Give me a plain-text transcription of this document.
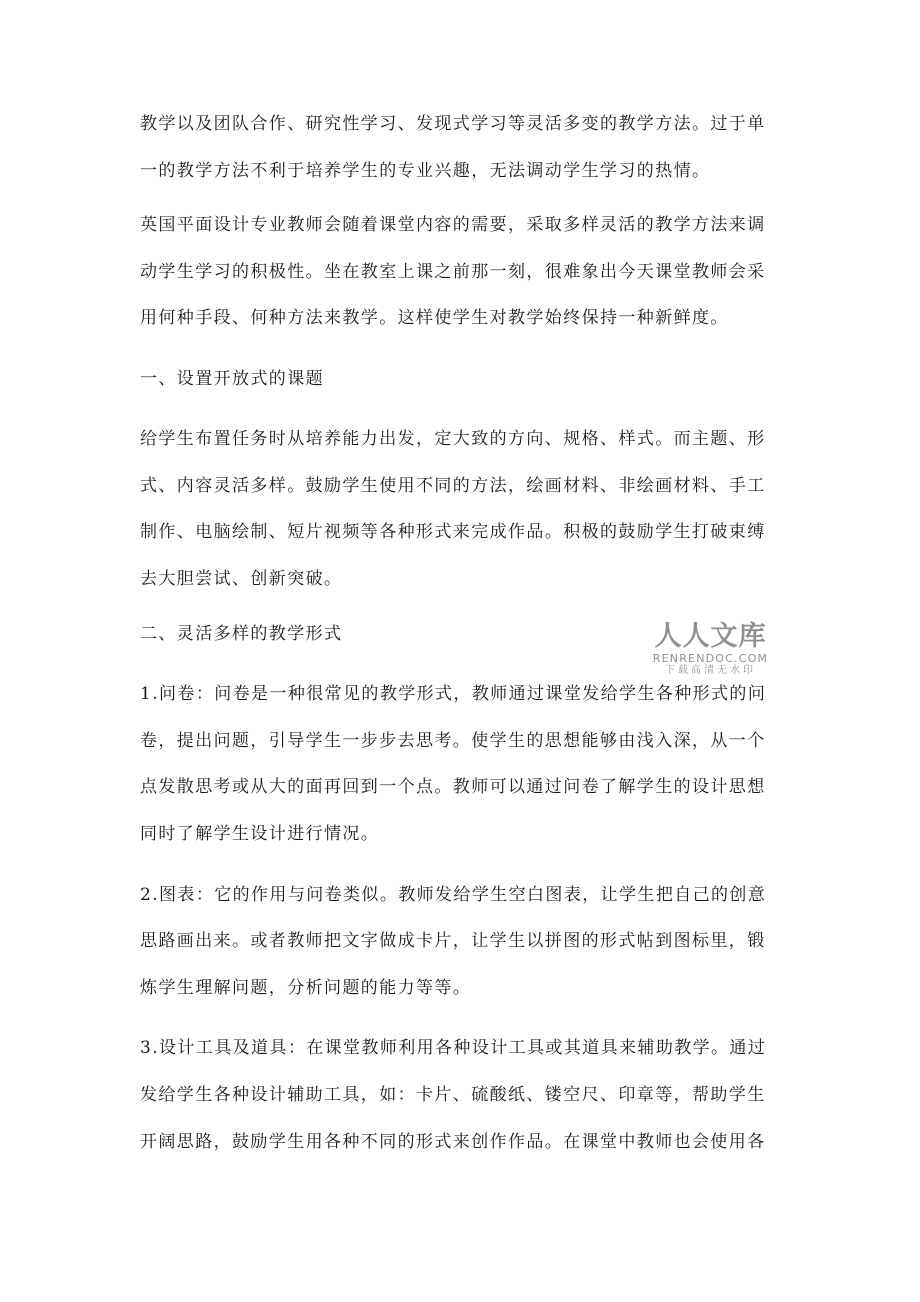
教学以及团队合作、研究性学习、发现式学习等灵活多变的教学方法。过于单
一的教学方法不利于培养学生的专业兴趣，无法调动学生学习的热情。
英国平面设计专业教师会随着课堂内容的需要，采取多样灵活的教学方法来调
动学生学习的积极性。坐在教室上课之前那一刻，很难象出今天课堂教师会采
用何种手段、何种方法来教学。这样使学生对教学始终保持一种新鲜度。
一、设置开放式的课题
给学生布置任务时从培养能力出发，定大致的方向、规格、样式。而主题、形
式、内容灵活多样。鼓励学生使用不同的方法，绘画材料、非绘画材料、手工
制作、电脑绘制、短片视频等各种形式来完成作品。积极的鼓励学生打破束缚
去大胆尝试、创新突破。
二、灵活多样的教学形式
1.问卷：问卷是一种很常见的教学形式，教师通过课堂发给学生各种形式的问
卷，提出问题，引导学生一步步去思考。使学生的思想能够由浅入深，从一个
点发散思考或从大的面再回到一个点。教师可以通过问卷了解学生的设计思想
同时了解学生设计进行情况。
2.图表：它的作用与问卷类似。教师发给学生空白图表，让学生把自己的创意
思路画出来。或者教师把文字做成卡片，让学生以拼图的形式帖到图标里，锻
炼学生理解问题，分析问题的能力等等。
3.设计工具及道具：在课堂教师利用各种设计工具或其道具来辅助教学。通过
发给学生各种设计辅助工具，如：卡片、硫酸纸、镂空尺、印章等，帮助学生
开阔思路，鼓励学生用各种不同的形式来创作作品。在课堂中教师也会使用各
人人文库
RENRENDOC.COM
下载高清无水印
